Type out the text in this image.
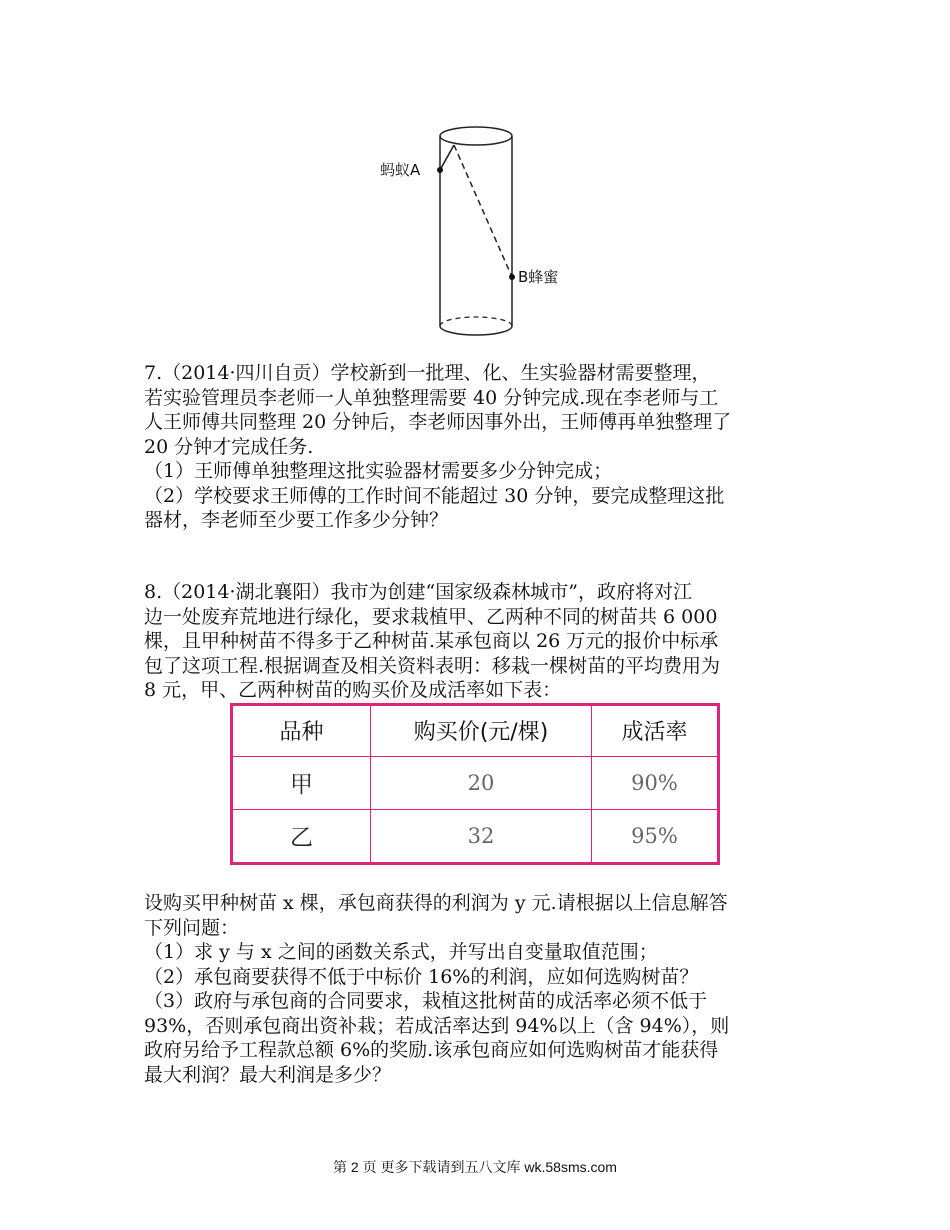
蚂蚁A
B蜂蜜
7.（2014·四川自贡）学校新到一批理、化、生实验器材需要整理，
若实验管理员李老师一人单独整理需要 40 分钟完成.现在李老师与工
人王师傅共同整理 20 分钟后，李老师因事外出，王师傅再单独整理了
20 分钟才完成任务.
（1）王师傅单独整理这批实验器材需要多少分钟完成；
（2）学校要求王师傅的工作时间不能超过 30 分钟，要完成整理这批
器材，李老师至少要工作多少分钟？
8.（2014·湖北襄阳）我市为创建“国家级森林城市”，政府将对江
边一处废弃荒地进行绿化，要求栽植甲、乙两种不同的树苗共 6 000
棵，且甲种树苗不得多于乙种树苗.某承包商以 26 万元的报价中标承
包了这项工程.根据调查及相关资料表明：移栽一棵树苗的平均费用为
8 元，甲、乙两种树苗的购买价及成活率如下表：
品种	购买价(元/棵)	成活率
甲	20	90%
乙	32	95%
设购买甲种树苗 x 棵，承包商获得的利润为 y 元.请根据以上信息解答
下列问题：
（1）求 y 与 x 之间的函数关系式，并写出自变量取值范围；
（2）承包商要获得不低于中标价 16%的利润，应如何选购树苗？
（3）政府与承包商的合同要求，栽植这批树苗的成活率必须不低于
93%，否则承包商出资补栽；若成活率达到 94%以上（含 94%），则
政府另给予工程款总额 6%的奖励.该承包商应如何选购树苗才能获得
最大利润？最大利润是多少？
第 2 页 更多下载请到五八文库 wk.58sms.com
